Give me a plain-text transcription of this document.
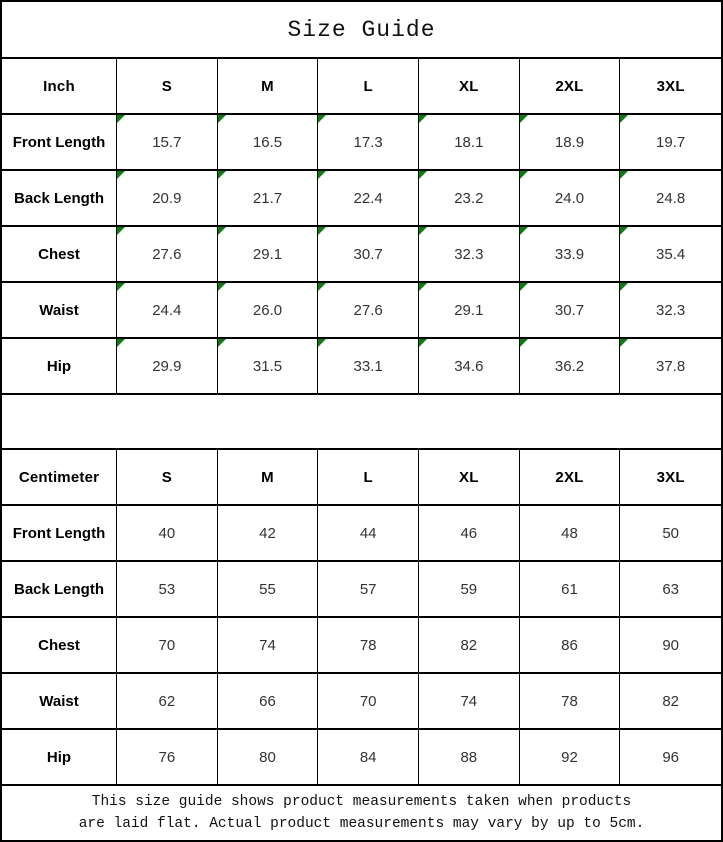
Size Guide
Inch	S	M	L	XL	2XL	3XL
Front Length	15.7	16.5	17.3	18.1	18.9	19.7
Back Length	20.9	21.7	22.4	23.2	24.0	24.8
Chest	27.6	29.1	30.7	32.3	33.9	35.4
Waist	24.4	26.0	27.6	29.1	30.7	32.3
Hip	29.9	31.5	33.1	34.6	36.2	37.8
Centimeter	S	M	L	XL	2XL	3XL
Front Length	40	42	44	46	48	50
Back Length	53	55	57	59	61	63
Chest	70	74	78	82	86	90
Waist	62	66	70	74	78	82
Hip	76	80	84	88	92	96
This size guide shows product measurements taken when products
are laid flat. Actual product measurements may vary by up to 5cm.
